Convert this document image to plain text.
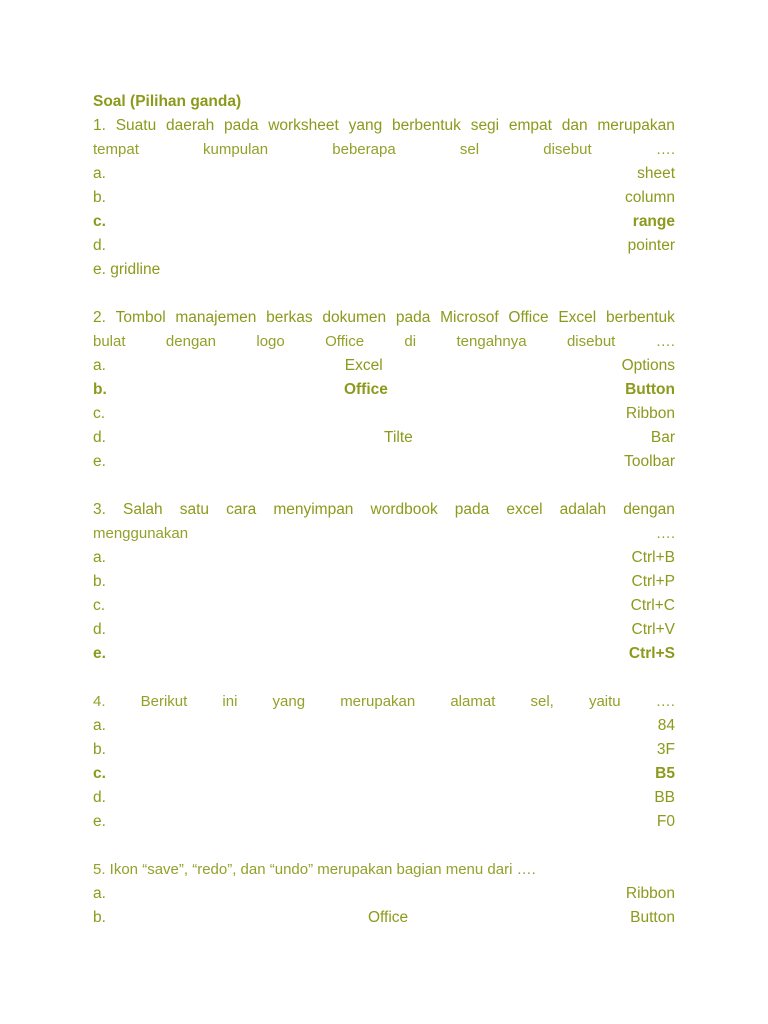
Soal (Pilihan ganda)
1. Suatu daerah pada worksheet yang berbentuk segi empat dan merupakan
tempat	kumpulan	beberapa	sel	disebut	….
a.	sheet
b.	column
c.	range
d.	pointer
e. gridline
2. Tombol manajemen berkas dokumen pada Microsof Office Excel berbentuk
bulat	dengan	logo	Office	di	tengahnya	disebut	….
a.	Excel	Options
b.	Office	Button
c.	Ribbon
d.	Tilte	Bar
e.	Toolbar
3. Salah satu cara menyimpan wordbook pada excel adalah dengan
menggunakan	….
a.	Ctrl+B
b.	Ctrl+P
c.	Ctrl+C
d.	Ctrl+V
e.	Ctrl+S
4. Berikut ini yang merupakan alamat sel, yaitu ….
a.	84
b.	3F
c.	B5
d.	BB
e.	F0
5. Ikon “save”, “redo”, dan “undo” merupakan bagian menu dari ….
a.	Ribbon
b.	Office	Button
